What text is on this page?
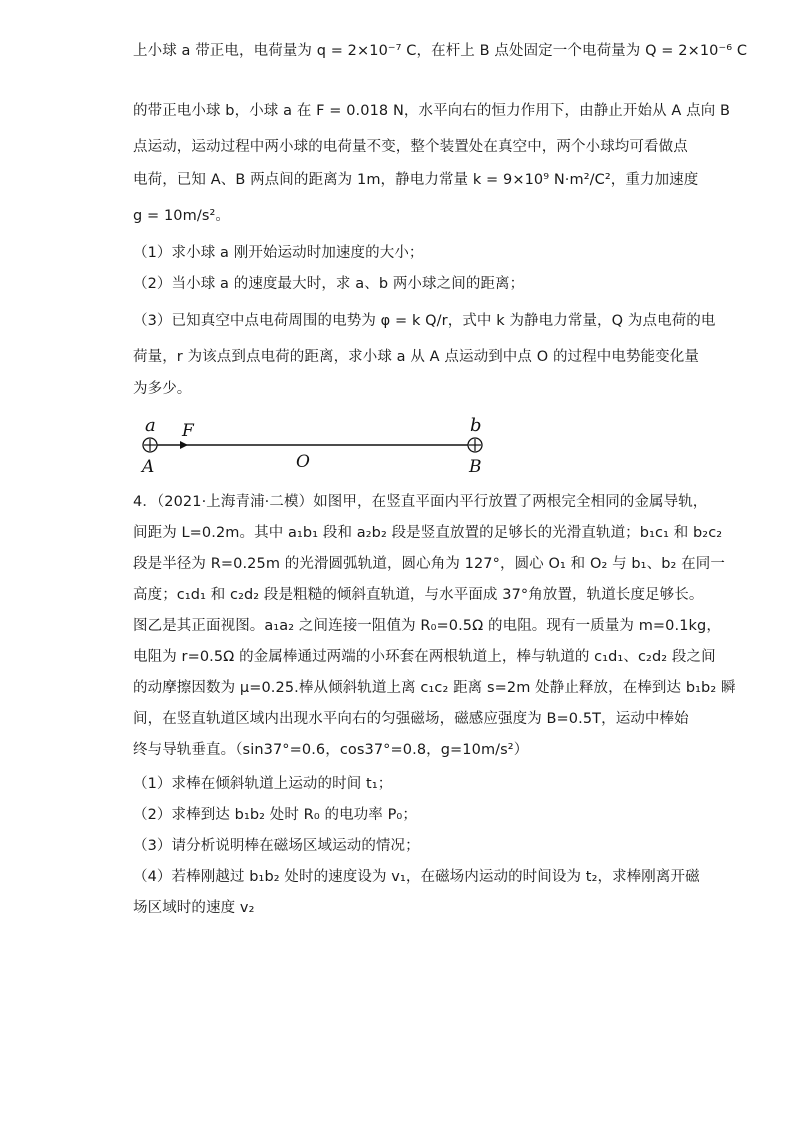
上小球 a 带正电，电荷量为 q = 2×10⁻⁷ C，在杆上 B 点处固定一个电荷量为 Q = 2×10⁻⁶ C
的带正电小球 b，小球 a 在 F = 0.018 N，水平向右的恒力作用下，由静止开始从 A 点向 B
点运动，运动过程中两小球的电荷量不变，整个装置处在真空中，两个小球均可看做点
电荷，已知 A、B 两点间的距离为 1m，静电力常量 k = 9×10⁹ N·m²/C²，重力加速度
g = 10m/s²。
（1）求小球 a 刚开始运动时加速度的大小；
（2）当小球 a 的速度最大时，求 a、b 两小球之间的距离；
（3）已知真空中点电荷周围的电势为 φ = k Q/r，式中 k 为静电力常量，Q 为点电荷的电
荷量，r 为该点到点电荷的距离，求小球 a 从 A 点运动到中点 O 的过程中电势能变化量
为多少。
a F	b
A	O	B
4．（2021·上海青浦·二模）如图甲，在竖直平面内平行放置了两根完全相同的金属导轨，
间距为 L=0.2m。其中 a₁b₁ 段和 a₂b₂ 段是竖直放置的足够长的光滑直轨道；b₁c₁ 和 b₂c₂
段是半径为 R=0.25m 的光滑圆弧轨道，圆心角为 127°，圆心 O₁ 和 O₂ 与 b₁、b₂ 在同一
高度；c₁d₁ 和 c₂d₂ 段是粗糙的倾斜直轨道，与水平面成 37°角放置，轨道长度足够长。
图乙是其正面视图。a₁a₂ 之间连接一阻值为 R₀=0.5Ω 的电阻。现有一质量为 m=0.1kg，
电阻为 r=0.5Ω 的金属棒通过两端的小环套在两根轨道上，棒与轨道的 c₁d₁、c₂d₂ 段之间
的动摩擦因数为 μ=0.25.棒从倾斜轨道上离 c₁c₂ 距离 s=2m 处静止释放，在棒到达 b₁b₂ 瞬
间，在竖直轨道区域内出现水平向右的匀强磁场，磁感应强度为 B=0.5T，运动中棒始
终与导轨垂直。（sin37°=0.6，cos37°=0.8，g=10m/s²）
（1）求棒在倾斜轨道上运动的时间 t₁；
（2）求棒到达 b₁b₂ 处时 R₀ 的电功率 P₀；
（3）请分析说明棒在磁场区域运动的情况；
（4）若棒刚越过 b₁b₂ 处时的速度设为 v₁，在磁场内运动的时间设为 t₂，求棒刚离开磁
场区域时的速度 v₂
